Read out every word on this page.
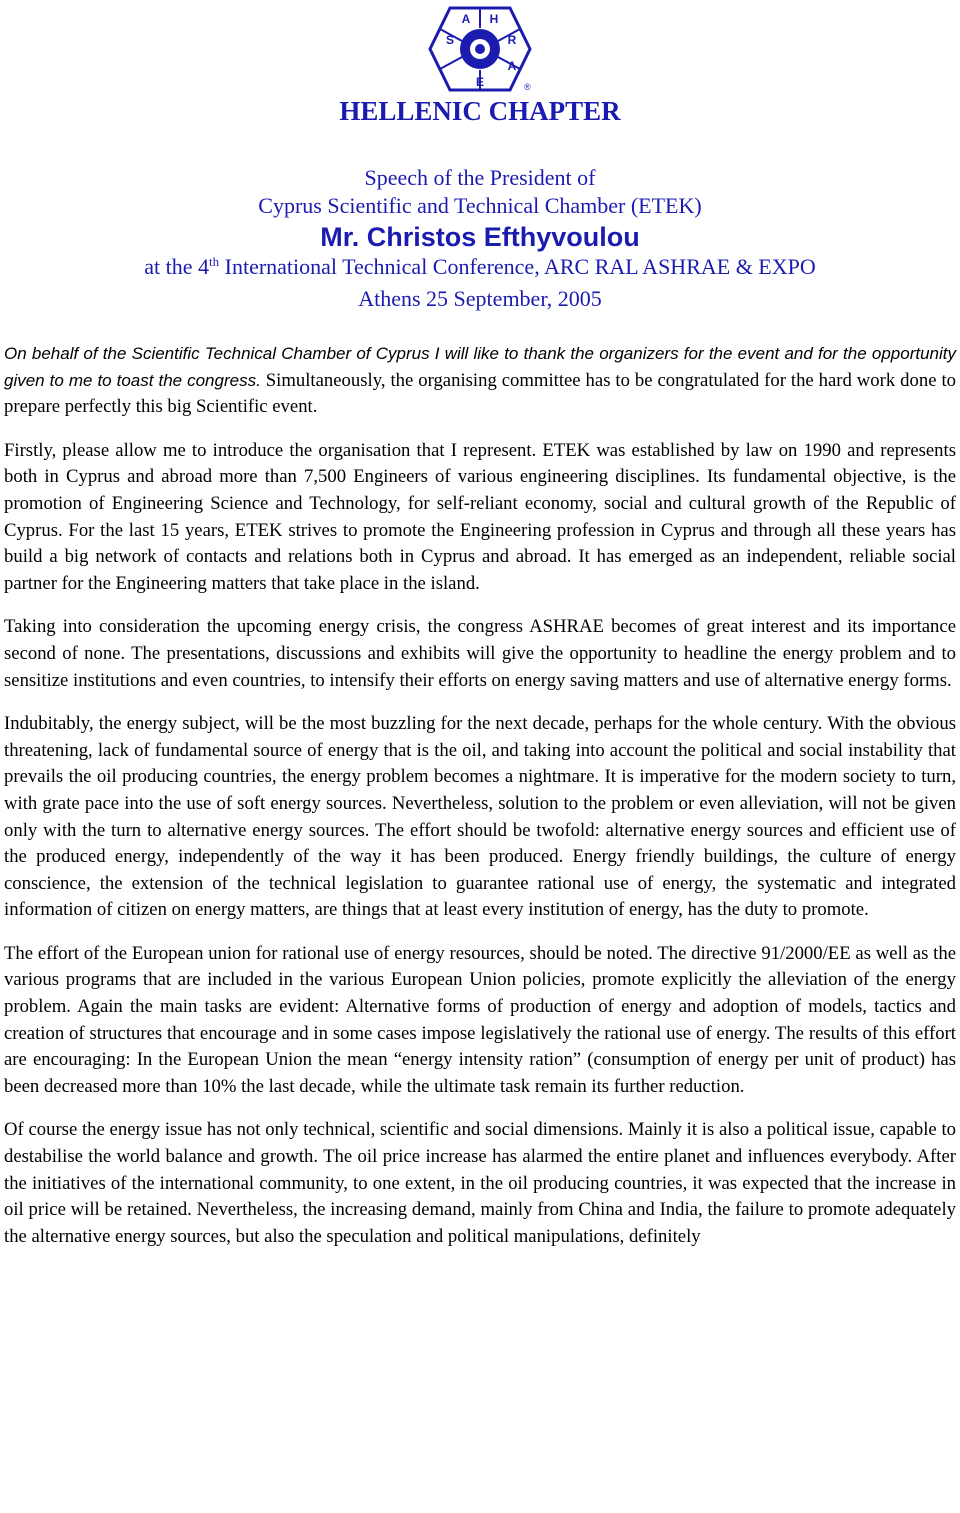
A
S
H
R
A
E	®
HELLENIC CHAPTER
Speech of the President of
Cyprus Scientific and Technical Chamber (ETEK)
Mr. Christos Efthyvoulou
at the 4th International Technical Conference, ARC RAL ASHRAE & EXPO
Athens 25 September, 2005

On behalf of the Scientific Technical Chamber of Cyprus I will like to thank the organizers for the event and for the opportunity given to me to toast the congress. Simultaneously, the organising committee has to be congratulated for the hard work done to prepare perfectly this big Scientific event.

Firstly, please allow me to introduce the organisation that I represent. ETEK was established by law on 1990 and represents both in Cyprus and abroad more than 7,500 Engineers of various engineering disciplines. Its fundamental objective, is the promotion of Engineering Science and Technology, for self-reliant economy, social and cultural growth of the Republic of Cyprus. For the last 15 years, ETEK strives to promote the Engineering profession in Cyprus and through all these years has build a big network of contacts and relations both in Cyprus and abroad. It has emerged as an independent, reliable social partner for the Engineering matters that take place in the island.

Taking into consideration the upcoming energy crisis, the congress ASHRAE becomes of great interest and its importance second of none. The presentations, discussions and exhibits will give the opportunity to headline the energy problem and to sensitize institutions and even countries, to intensify their efforts on energy saving matters and use of alternative energy forms.

Indubitably, the energy subject, will be the most buzzling for the next decade, perhaps for the whole century. With the obvious threatening, lack of fundamental source of energy that is the oil, and taking into account the political and social instability that prevails the oil producing countries, the energy problem becomes a nightmare. It is imperative for the modern society to turn, with grate pace into the use of soft energy sources. Nevertheless, solution to the problem or even alleviation, will not be given only with the turn to alternative energy sources. The effort should be twofold: alternative energy sources and efficient use of the produced energy, independently of the way it has been produced. Energy friendly buildings, the culture of energy conscience, the extension of the technical legislation to guarantee rational use of energy, the systematic and integrated information of citizen on energy matters, are things that at least every institution of energy, has the duty to promote.

The effort of the European union for rational use of energy resources, should be noted. The directive 91/2000/EE as well as the various programs that are included in the various European Union policies, promote explicitly the alleviation of the energy problem. Again the main tasks are evident: Alternative forms of production of energy and adoption of models, tactics and creation of structures that encourage and in some cases impose legislatively the rational use of energy. The results of this effort are encouraging: In the European Union the mean “energy intensity ration” (consumption of energy per unit of product) has been decreased more than 10% the last decade, while the ultimate task remain its further reduction.

Of course the energy issue has not only technical, scientific and social dimensions. Mainly it is also a political issue, capable to destabilise the world balance and growth. The oil price increase has alarmed the entire planet and influences everybody. After the initiatives of the international community, to one extent, in the oil producing countries, it was expected that the increase in oil price will be retained. Nevertheless, the increasing demand, mainly from China and India, the failure to promote adequately the alternative energy sources, but also the speculation and political manipulations, definitely
